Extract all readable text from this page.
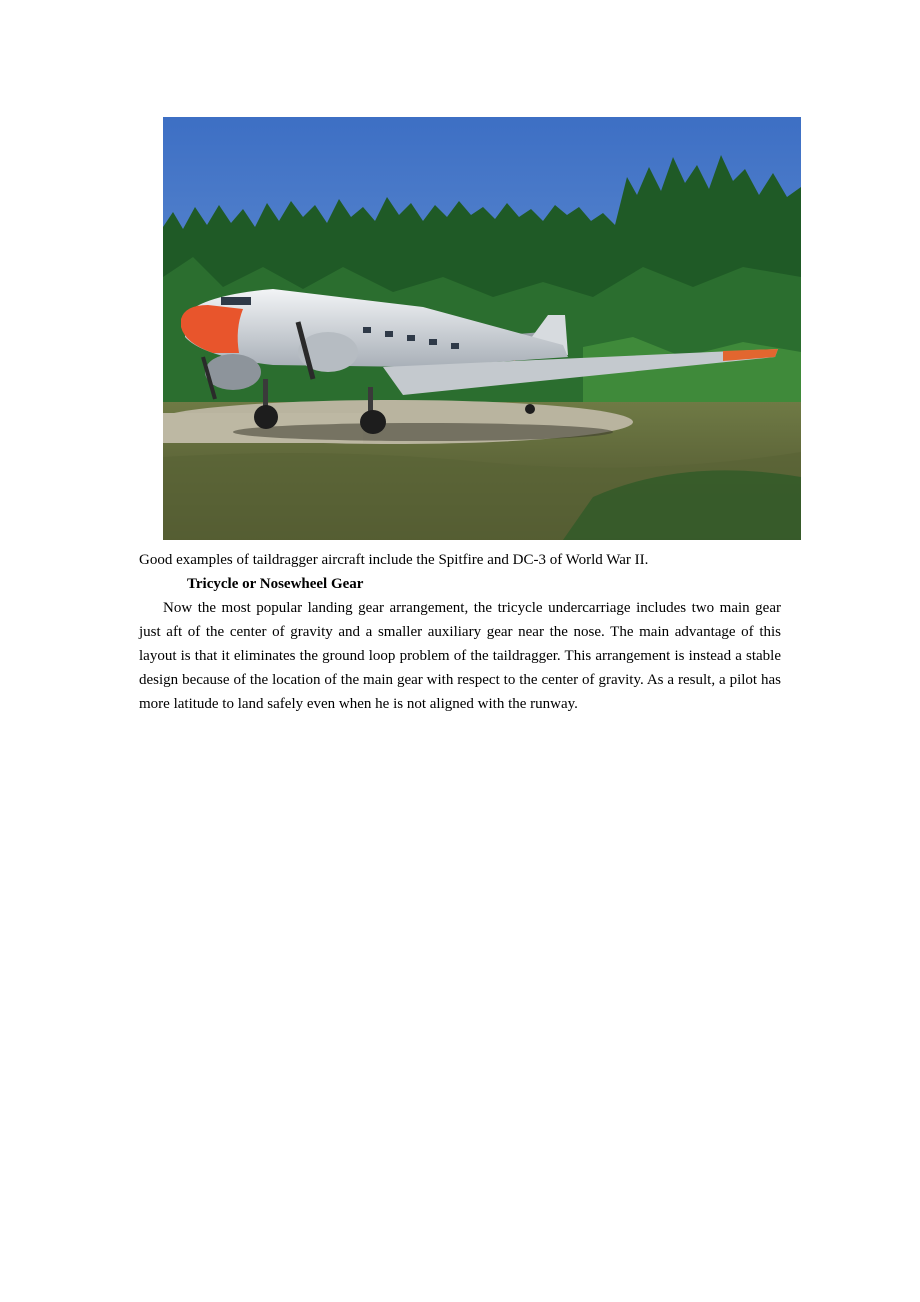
Good examples of taildragger aircraft include the Spitfire and DC-3 of World War II.

Tricycle or Nosewheel Gear

Now the most popular landing gear arrangement, the tricycle undercarriage includes two main gear just aft of the center of gravity and a smaller auxiliary gear near the nose. The main advantage of this layout is that it eliminates the ground loop problem of the taildragger. This arrangement is instead a stable design because of the location of the main gear with respect to the center of gravity. As a result, a pilot has more latitude to land safely even when he is not aligned with the runway.
